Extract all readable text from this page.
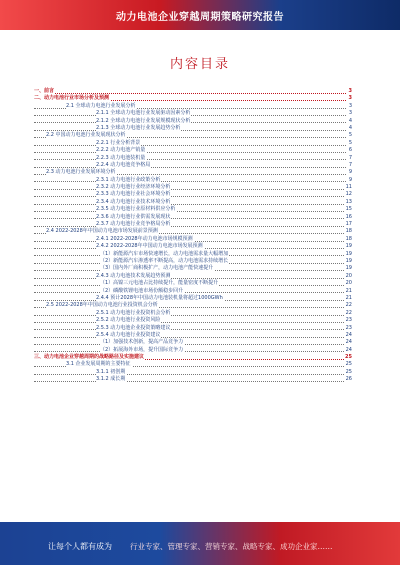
动力电池企业穿越周期策略研究报告
内容目录
一、前言	3
二、动力电池行业市场分析及预测	3
2.1 全球动力电池行业发展分析	3
2.1.1 全球动力电池行业发展驱动因素分析	3
2.1.2 全球动力电池行业发展规模现状分析	4
2.1.3 全球动力电池行业发展趋势分析	4
2.2 中国动力电池行业发展现状分析	5
2.2.1 行业分析背景	5
2.2.2 动力电池产销量	6
2.2.3 动力电池装机量	7
2.2.4 动力电池竞争格局	7
2.3 动力电池行业发展环境分析	9
2.3.1 动力电池行业政策分析	9
2.3.2 动力电池行业经济环境分析	11
2.3.3 动力电池行业社会环境分析	12
2.3.4 动力电池行业技术环境分析	13
2.3.5 动力电池行业原材料供应分析	15
2.3.6 动力电池行业供需发展现状	16
2.3.7 动力电池行业竞争格局分析	17
2.4 2022-2028年中国动力电池市场发展前景预测	18
2.4.1 2022-2028年动力电池市场规模预测	18
2.4.2 2022-2028年中国动力电池市场发展预测	19
（1）新能源汽车市场快速增长，动力电池需求量大幅增加	19
（2）新能源汽车渗透率不断提高，动力电池需求持续增长	19
（3）国内外厂商积极扩产，动力电池产能快速提升	19
2.4.3 动力电池技术发展趋势预测	20
（1）高镍三元电池占比持续提升，能量密度不断提升	20
（2）磷酸铁锂电池市场份额稳步回升	21
2.4.4 预计2028年中国动力电池装机量将超过1000GWh	21
2.5 2022-2028年中国动力电池行业投资机会分析	22
2.5.1 动力电池行业投资机会分析	22
2.5.2 动力电池行业投资风险	23
2.5.3 动力电池企业投资策略建议	23
2.5.4 动力电池行业投资建议	24
（1）加强技术创新，提高产品竞争力	24
（2）拓展海外市场，提升国际竞争力	24
三、动力电池企业穿越周期的战略路径及实施建议	25
3.1 企业发展周期的主要特征	25
3.1.1 初创期	25
3.1.2 成长期	26
让每个人都有成为 行业专家、管理专家、营销专家、战略专家、成功企业家……
